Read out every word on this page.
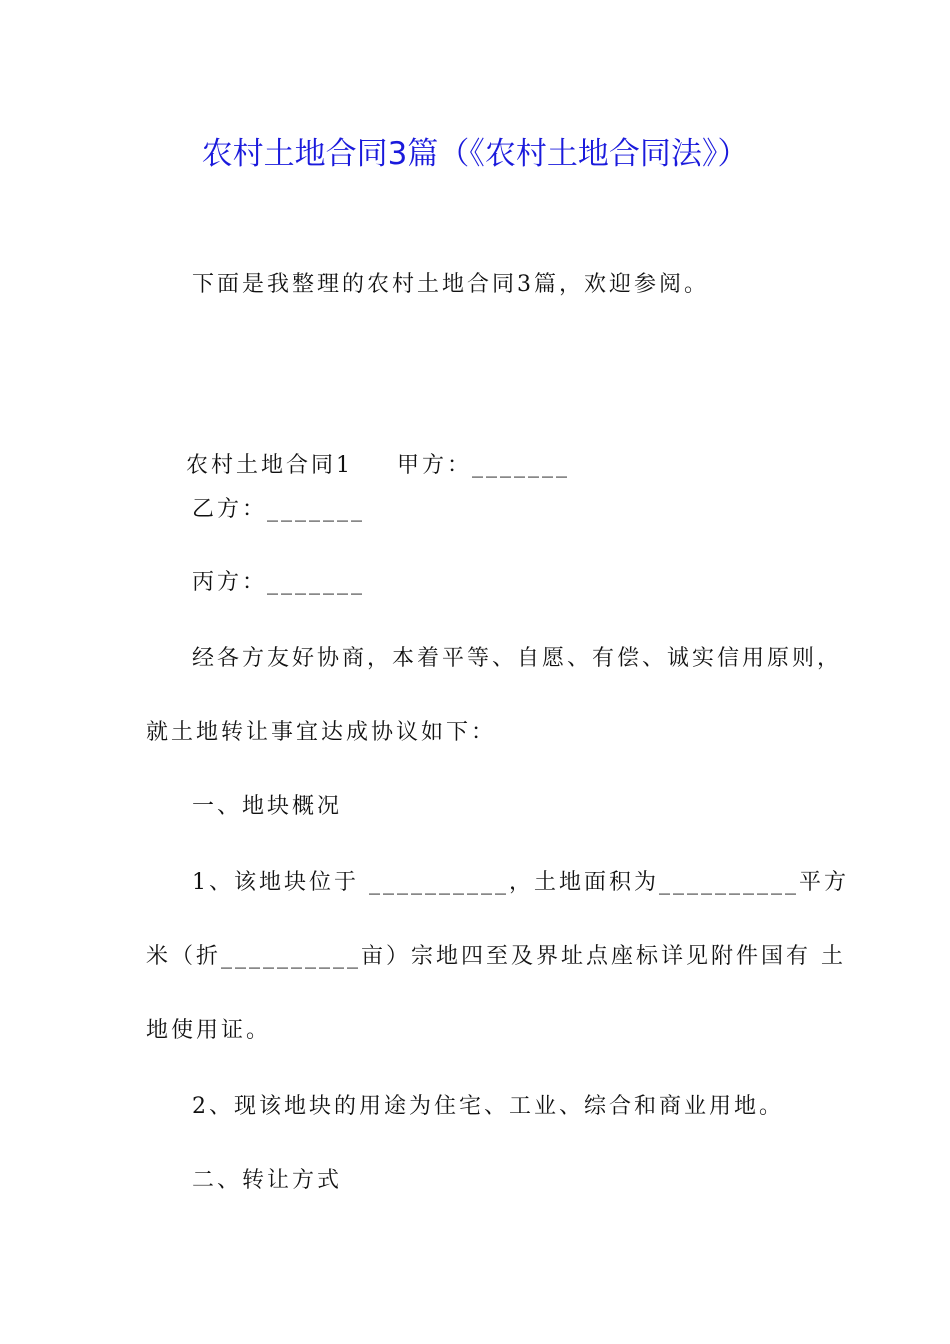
农村土地合同3篇（《农村土地合同法》）
下面是我整理的农村土地合同3篇，欢迎参阅。

农村土地合同1 甲方：_______

乙方：_______
丙方：_______
经各方友好协商，本着平等、自愿、有偿、诚实信用原则，
就土地转让事宜达成协议如下：
一、地块概况
1、该地块位于 __________，土地面积为__________平方
米（折__________亩）宗地四至及界址点座标详见附件国有 土
地使用证。
2、现该地块的用途为住宅、工业、综合和商业用地。
二、转让方式
